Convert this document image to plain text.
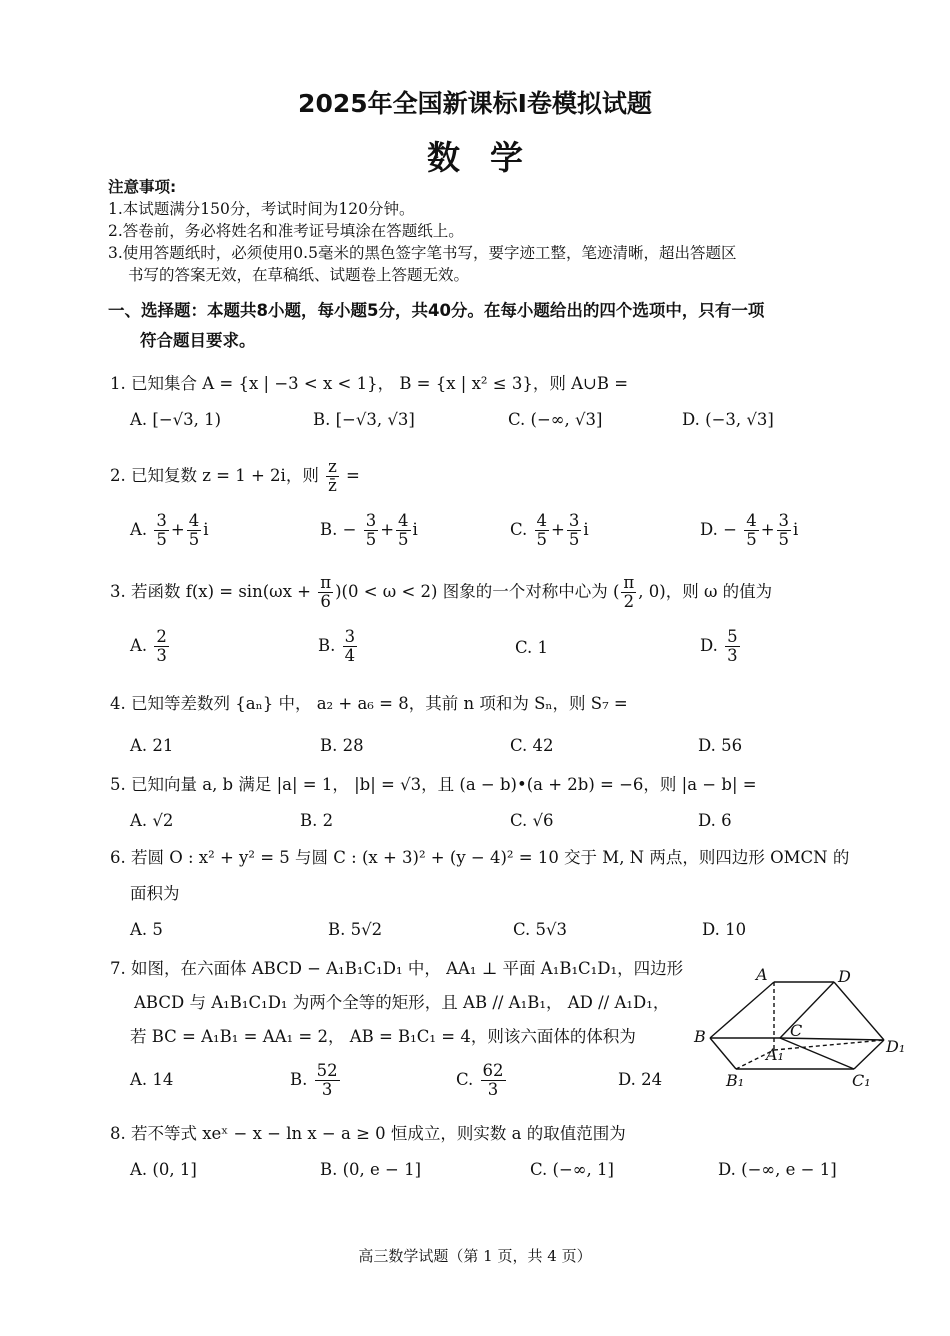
2025年全国新课标Ⅰ卷模拟试题
数学
注意事项:
1.本试题满分150分，考试时间为120分钟。
2.答卷前，务必将姓名和准考证号填涂在答题纸上。
3.使用答题纸时，必须使用0.5毫米的黑色签字笔书写，要字迹工整，笔迹清晰，超出答题区
书写的答案无效，在草稿纸、试题卷上答题无效。
一、选择题：本题共8小题，每小题5分，共40分。在每小题给出的四个选项中，只有一项
符合题目要求。
1. 已知集合 A = {x | −3 < x < 1}， B = {x | x² ≤ 3}，则 A∪B =
A. [−√3, 1)	B. [−√3, √3]	C. (−∞, √3]	D. (−3, √3]
2. 已知复数 z = 1 + 2i，则 $\frac{z}{z̄}$ =
A. $\frac{3}{5} + \frac{4}{5}$ i	B. − $\frac{3}{5} + \frac{4}{5}$ i	C. $\frac{4}{5} + \frac{3}{5}$ i	D. − $\frac{4}{5} + \frac{3}{5}$ i
3. 若函数 $f(x) = \sin(\omega x + \frac{\pi}{6} )(0 < \omega < 2)$ 图象的一个对称中心为 ( $\frac{\pi}{2}$ , 0)，则 ω 的值为
A. $\frac{2}{3}$	B. $\frac{3}{4}$	C. 1	D. $\frac{5}{3}$
4. 已知等差数列 {aₙ} 中， a₂ + a₆ = 8，其前 n 项和为 Sₙ，则 S₇ =
A. 21	B. 28	C. 42	D. 56
5. 已知向量 a, b 满足 |a| = 1， |b| = √3，且 (a − b)•(a + 2b) = −6，则 |a − b| =
A. √2	B. 2	C. √6	D. 6
6. 若圆 O : x² + y² = 5 与圆 C : (x + 3)² + (y − 4)² = 10 交于 M, N 两点，则四边形 OMCN 的
面积为
A. 5	B. 5√2	C. 5√3	D. 10
7. 如图，在六面体 ABCD − A₁B₁C₁D₁ 中， AA₁ ⊥ 平面 A₁B₁C₁D₁，四边形
ABCD 与 A₁B₁C₁D₁ 为两个全等的矩形，且 AB // A₁B₁， AD // A₁D₁，
若 BC = A₁B₁ = AA₁ = 2， AB = B₁C₁ = 4，则该六面体的体积为
A. 14	B. $\frac{52}{3}$	C. $\frac{62}{3}$	D. 24
A	D
B	C
A₁	D₁
B₁	C₁
8. 若不等式 xeˣ − x − ln x − a ≥ 0 恒成立，则实数 a 的取值范围为
A. (0, 1]	B. (0, e − 1]	C. (−∞, 1]	D. (−∞, e − 1]
高三数学试题（第 1 页，共 4 页）
